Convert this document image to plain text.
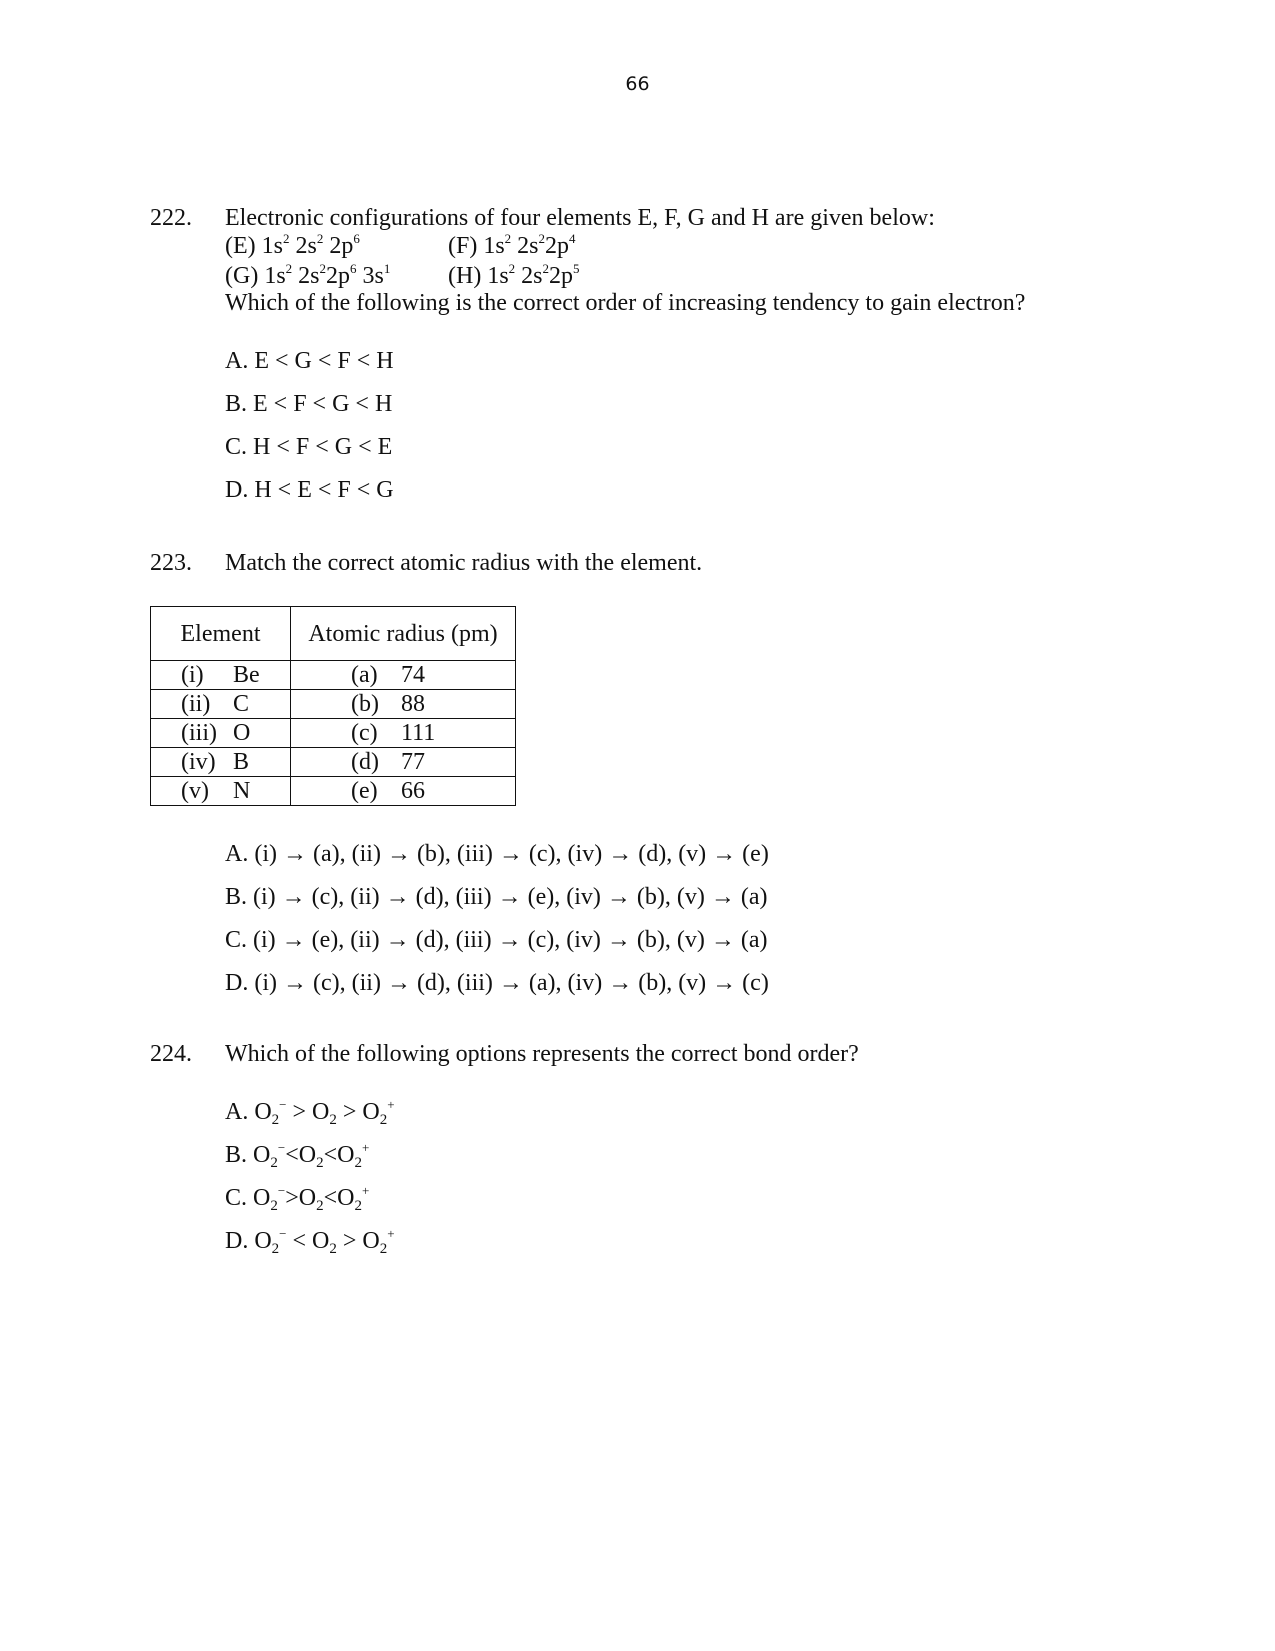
66
222. Electronic configurations of four elements E, F, G and H are given below:
(E) $1s^2$ $2s^2$ $2p^6$	(F) $1s^2$ $2s^22p^4$
(G) $1s^2$ $2s^22p^6$ $3s^1$ (H) $1s^2$ $2s^22p^5$
Which of the following is the correct order of increasing tendency to gain electron?
A. E < G < F < H
B. E < F < G < H
C. H < F < G < E
D. H < E < F < G
223. Match the correct atomic radius with the element.
Element	Atomic radius (pm)
(i) Be	(a) 74
(ii) C	(b) 88
(iii) O	(c) 111
(iv) B	(d) 77
(v) N	(e) 66
A. (i) → (a), (ii) → (b), (iii) → (c), (iv) → (d), (v) → (e)
B. (i) → (c), (ii) → (d), (iii) → (e), (iv) → (b), (v) → (a)
C. (i) → (e), (ii) → (d), (iii) → (c), (iv) → (b), (v) → (a)
D. (i) → (c), (ii) → (d), (iii) → (a), (iv) → (b), (v) → (c)
224. Which of the following options represents the correct bond order?
A. $O_2^- > O_2 > O_2^+$
B. $O_2^-<O_2<O_2^+$
C. $O_2^->O_2<O_2^+$
D. $O_2^- < O_2 > O_2^+$
